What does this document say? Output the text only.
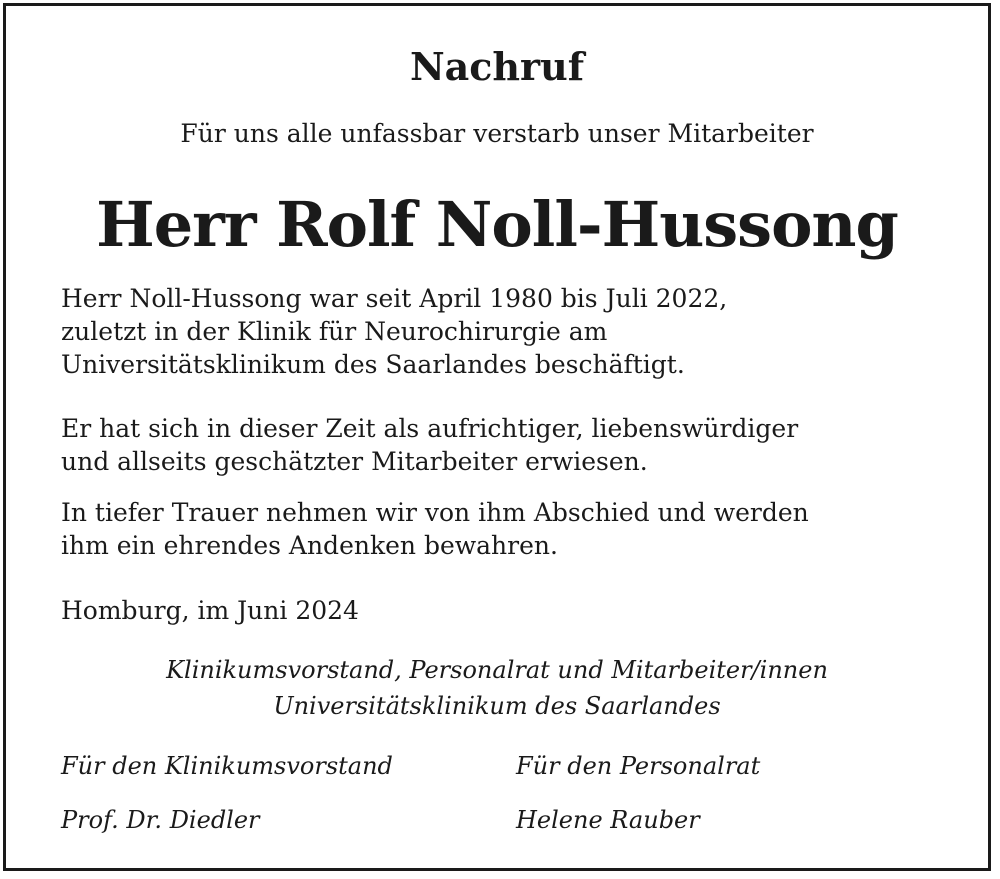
Nachruf

Für uns alle unfassbar verstarb unser Mitarbeiter

Herr Rolf Noll-Hussong

Herr Noll-Hussong war seit April 1980 bis Juli 2022,
zuletzt in der Klinik für Neurochirurgie am
Universitätsklinikum des Saarlandes beschäftigt.

Er hat sich in dieser Zeit als aufrichtiger, liebenswürdiger
und allseits geschätzter Mitarbeiter erwiesen.

In tiefer Trauer nehmen wir von ihm Abschied und werden
ihm ein ehrendes Andenken bewahren.

Homburg, im Juni 2024

Klinikumsvorstand, Personalrat und Mitarbeiter/innen
Universitätsklinikum des Saarlandes

Für den Klinikumsvorstand	Für den Personalrat

Prof. Dr. Diedler	Helene Rauber
